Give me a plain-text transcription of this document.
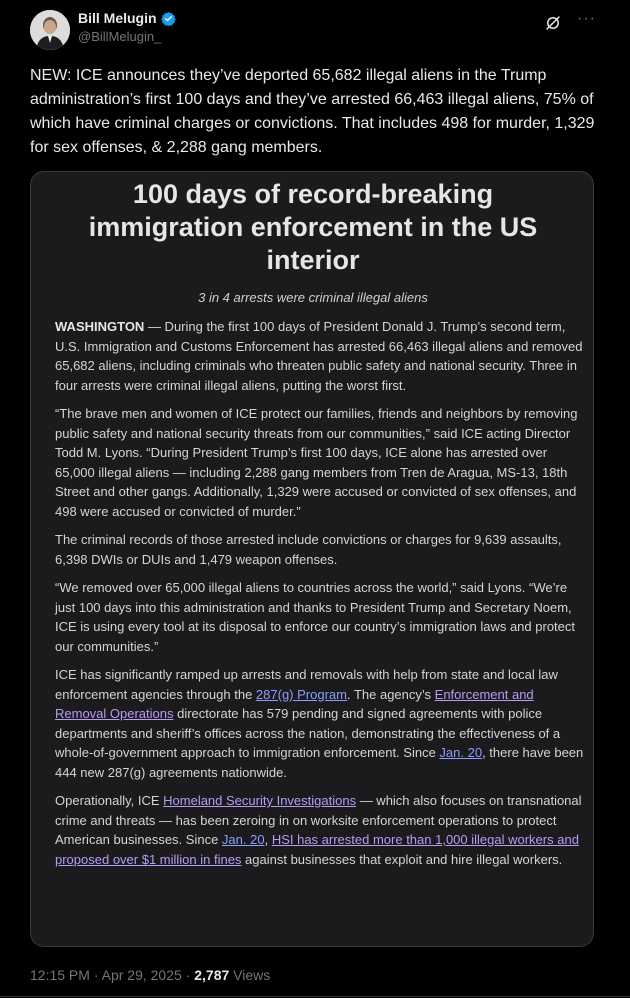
Bill Melugin
@BillMelugin_
···
NEW: ICE announces they’ve deported 65,682 illegal aliens in the Trump administration’s first 100 days and they’ve arrested 66,463 illegal aliens, 75% of which have criminal charges or convictions. That includes 498 for murder, 1,329 for sex offenses, & 2,288 gang members.
100 days of record-breaking immigration enforcement in the US interior
3 in 4 arrests were criminal illegal aliens

WASHINGTON — During the first 100 days of President Donald J. Trump’s second term, U.S. Immigration and Customs Enforcement has arrested 66,463 illegal aliens and removed 65,682 aliens, including criminals who threaten public safety and national security. Three in four arrests were criminal illegal aliens, putting the worst first.

“The brave men and women of ICE protect our families, friends and neighbors by removing public safety and national security threats from our communities,” said ICE acting Director Todd M. Lyons. “During President Trump’s first 100 days, ICE alone has arrested over 65,000 illegal aliens — including 2,288 gang members from Tren de Aragua, MS-13, 18th Street and other gangs. Additionally, 1,329 were accused or convicted of sex offenses, and 498 were accused or convicted of murder.”

The criminal records of those arrested include convictions or charges for 9,639 assaults, 6,398 DWIs or DUIs and 1,479 weapon offenses.

“We removed over 65,000 illegal aliens to countries across the world,” said Lyons. “We’re just 100 days into this administration and thanks to President Trump and Secretary Noem, ICE is using every tool at its disposal to enforce our country’s immigration laws and protect our communities.”

ICE has significantly ramped up arrests and removals with help from state and local law enforcement agencies through the 287(g) Program. The agency’s Enforcement and Removal Operations directorate has 579 pending and signed agreements with police departments and sheriff’s offices across the nation, demonstrating the effectiveness of a whole-of-government approach to immigration enforcement. Since Jan. 20, there have been 444 new 287(g) agreements nationwide.

Operationally, ICE Homeland Security Investigations — which also focuses on transnational crime and threats — has been zeroing in on worksite enforcement operations to protect American businesses. Since Jan. 20, HSI has arrested more than 1,000 illegal workers and proposed over $1 million in fines against businesses that exploit and hire illegal workers.

12:15 PM · Apr 29, 2025 · 2,787 Views
